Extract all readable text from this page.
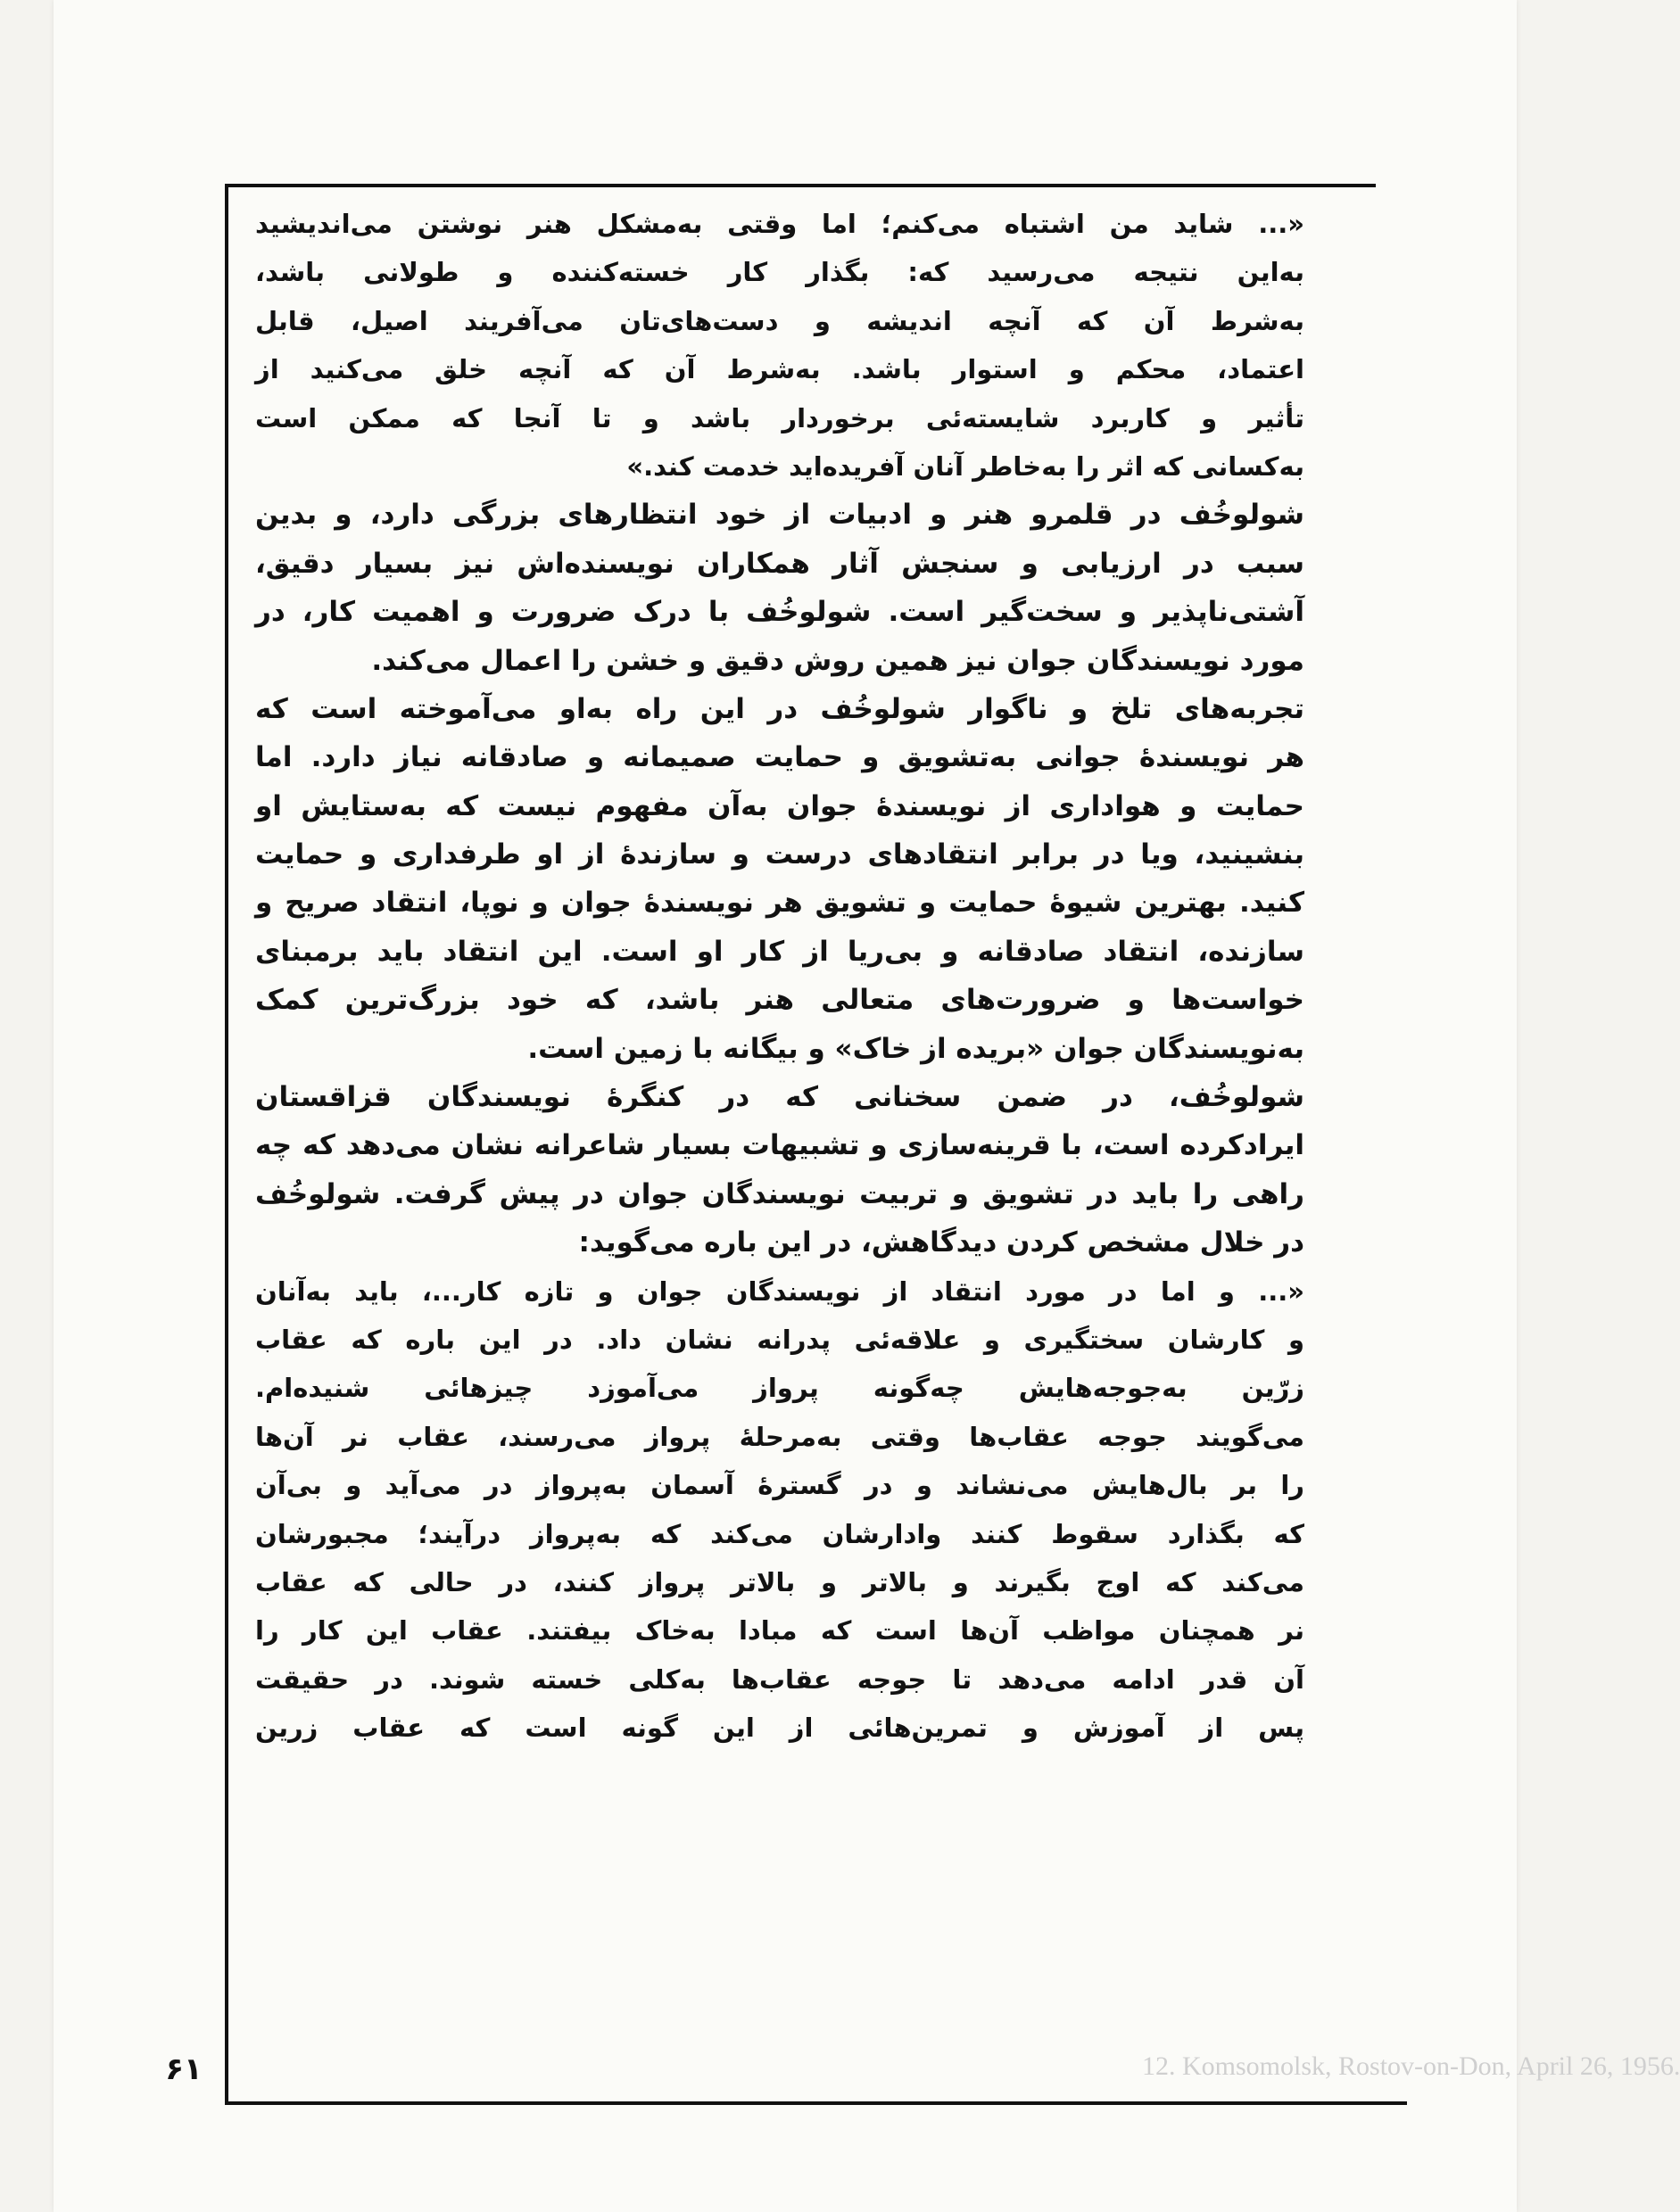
12. Komsomolsk, Rostov-on-Don, April 26, 1956.
۶۱
«... شاید من اشتباه می‌کنم؛ اما وقتی به‌مشکل هنر نوشتن می‌اندیشید
به‌این نتیجه می‌رسید که: بگذار کار خسته‌کننده و طولانی باشد،
به‌شرط آن که آنچه اندیشه و دست‌های‌تان می‌آفریند اصیل، قابل
اعتماد، محکم و استوار باشد. به‌شرط آن که آنچه خلق می‌کنید از
تأثیر و کاربرد شایسته‌ئی برخوردار باشد و تا آنجا که ممکن است
به‌کسانی که اثر را به‌خاطر آنان آفریده‌اید خدمت کند.»
شولوخُف در قلمرو هنر و ادبیات از خود انتظارهای بزرگی دارد، و بدین
سبب در ارزیابی و سنجش آثار همکاران نویسنده‌اش نیز بسیار دقیق،
آشتی‌ناپذیر و سخت‌گیر است. شولوخُف با درک ضرورت و اهمیت کار، در
مورد نویسندگان جوان نیز همین روش دقیق و خشن را اعمال می‌کند.
تجربه‌های تلخ و ناگوار شولوخُف در این راه به‌او می‌آموخته است که
هر نویسندهٔ جوانی به‌تشویق و حمایت صمیمانه و صادقانه نیاز دارد. اما
حمایت و هواداری از نویسندهٔ جوان به‌آن مفهوم نیست که به‌ستایش او
بنشینید، ویا در برابر انتقادهای درست و سازندهٔ از او طرفداری و حمایت
کنید. بهترین شیوهٔ حمایت و تشویق هر نویسندهٔ جوان و نوپا، انتقاد صریح و
سازنده، انتقاد صادقانه و بی‌ریا از کار او است. این انتقاد باید برمبنای
خواست‌ها و ضرورت‌های متعالی هنر باشد، که خود بزرگ‌ترین کمک
به‌نویسندگان جوان «بریده از خاک» و بیگانه با زمین است.
شولوخُف، در ضمن سخنانی که در کنگرهٔ نویسندگان قزاقستان
ایرادکرده است، با قرینه‌سازی و تشبیهات بسیار شاعرانه نشان می‌دهد که چه
راهی را باید در تشویق و تربیت نویسندگان جوان در پیش گرفت. شولوخُف
در خلال مشخص کردن دیدگاهش، در این باره می‌گوید:
«... و اما در مورد انتقاد از نویسندگان جوان و تازه کار...، باید به‌آنان
و کارشان سختگیری و علاقه‌ئی پدرانه نشان داد. در این باره که عقاب
زرّین به‌جوجه‌هایش چه‌گونه پرواز می‌آموزد چیزهائی شنیده‌ام.
می‌گویند جوجه عقاب‌ها وقتی به‌مرحلهٔ پرواز می‌رسند، عقاب نر آن‌ها
را بر بال‌هایش می‌نشاند و در گسترهٔ آسمان به‌پرواز در می‌آید و بی‌آن
که بگذارد سقوط کنند وادارشان می‌کند که به‌پرواز درآیند؛ مجبورشان
می‌کند که اوج بگیرند و بالاتر و بالاتر پرواز کنند، در حالی که عقاب
نر همچنان مواظب آن‌ها است که مبادا به‌خاک بیفتند. عقاب این کار را
آن قدر ادامه می‌دهد تا جوجه عقاب‌ها به‌کلی خسته شوند. در حقیقت
پس از آموزش و تمرین‌هائی از این گونه است که عقاب زرین
